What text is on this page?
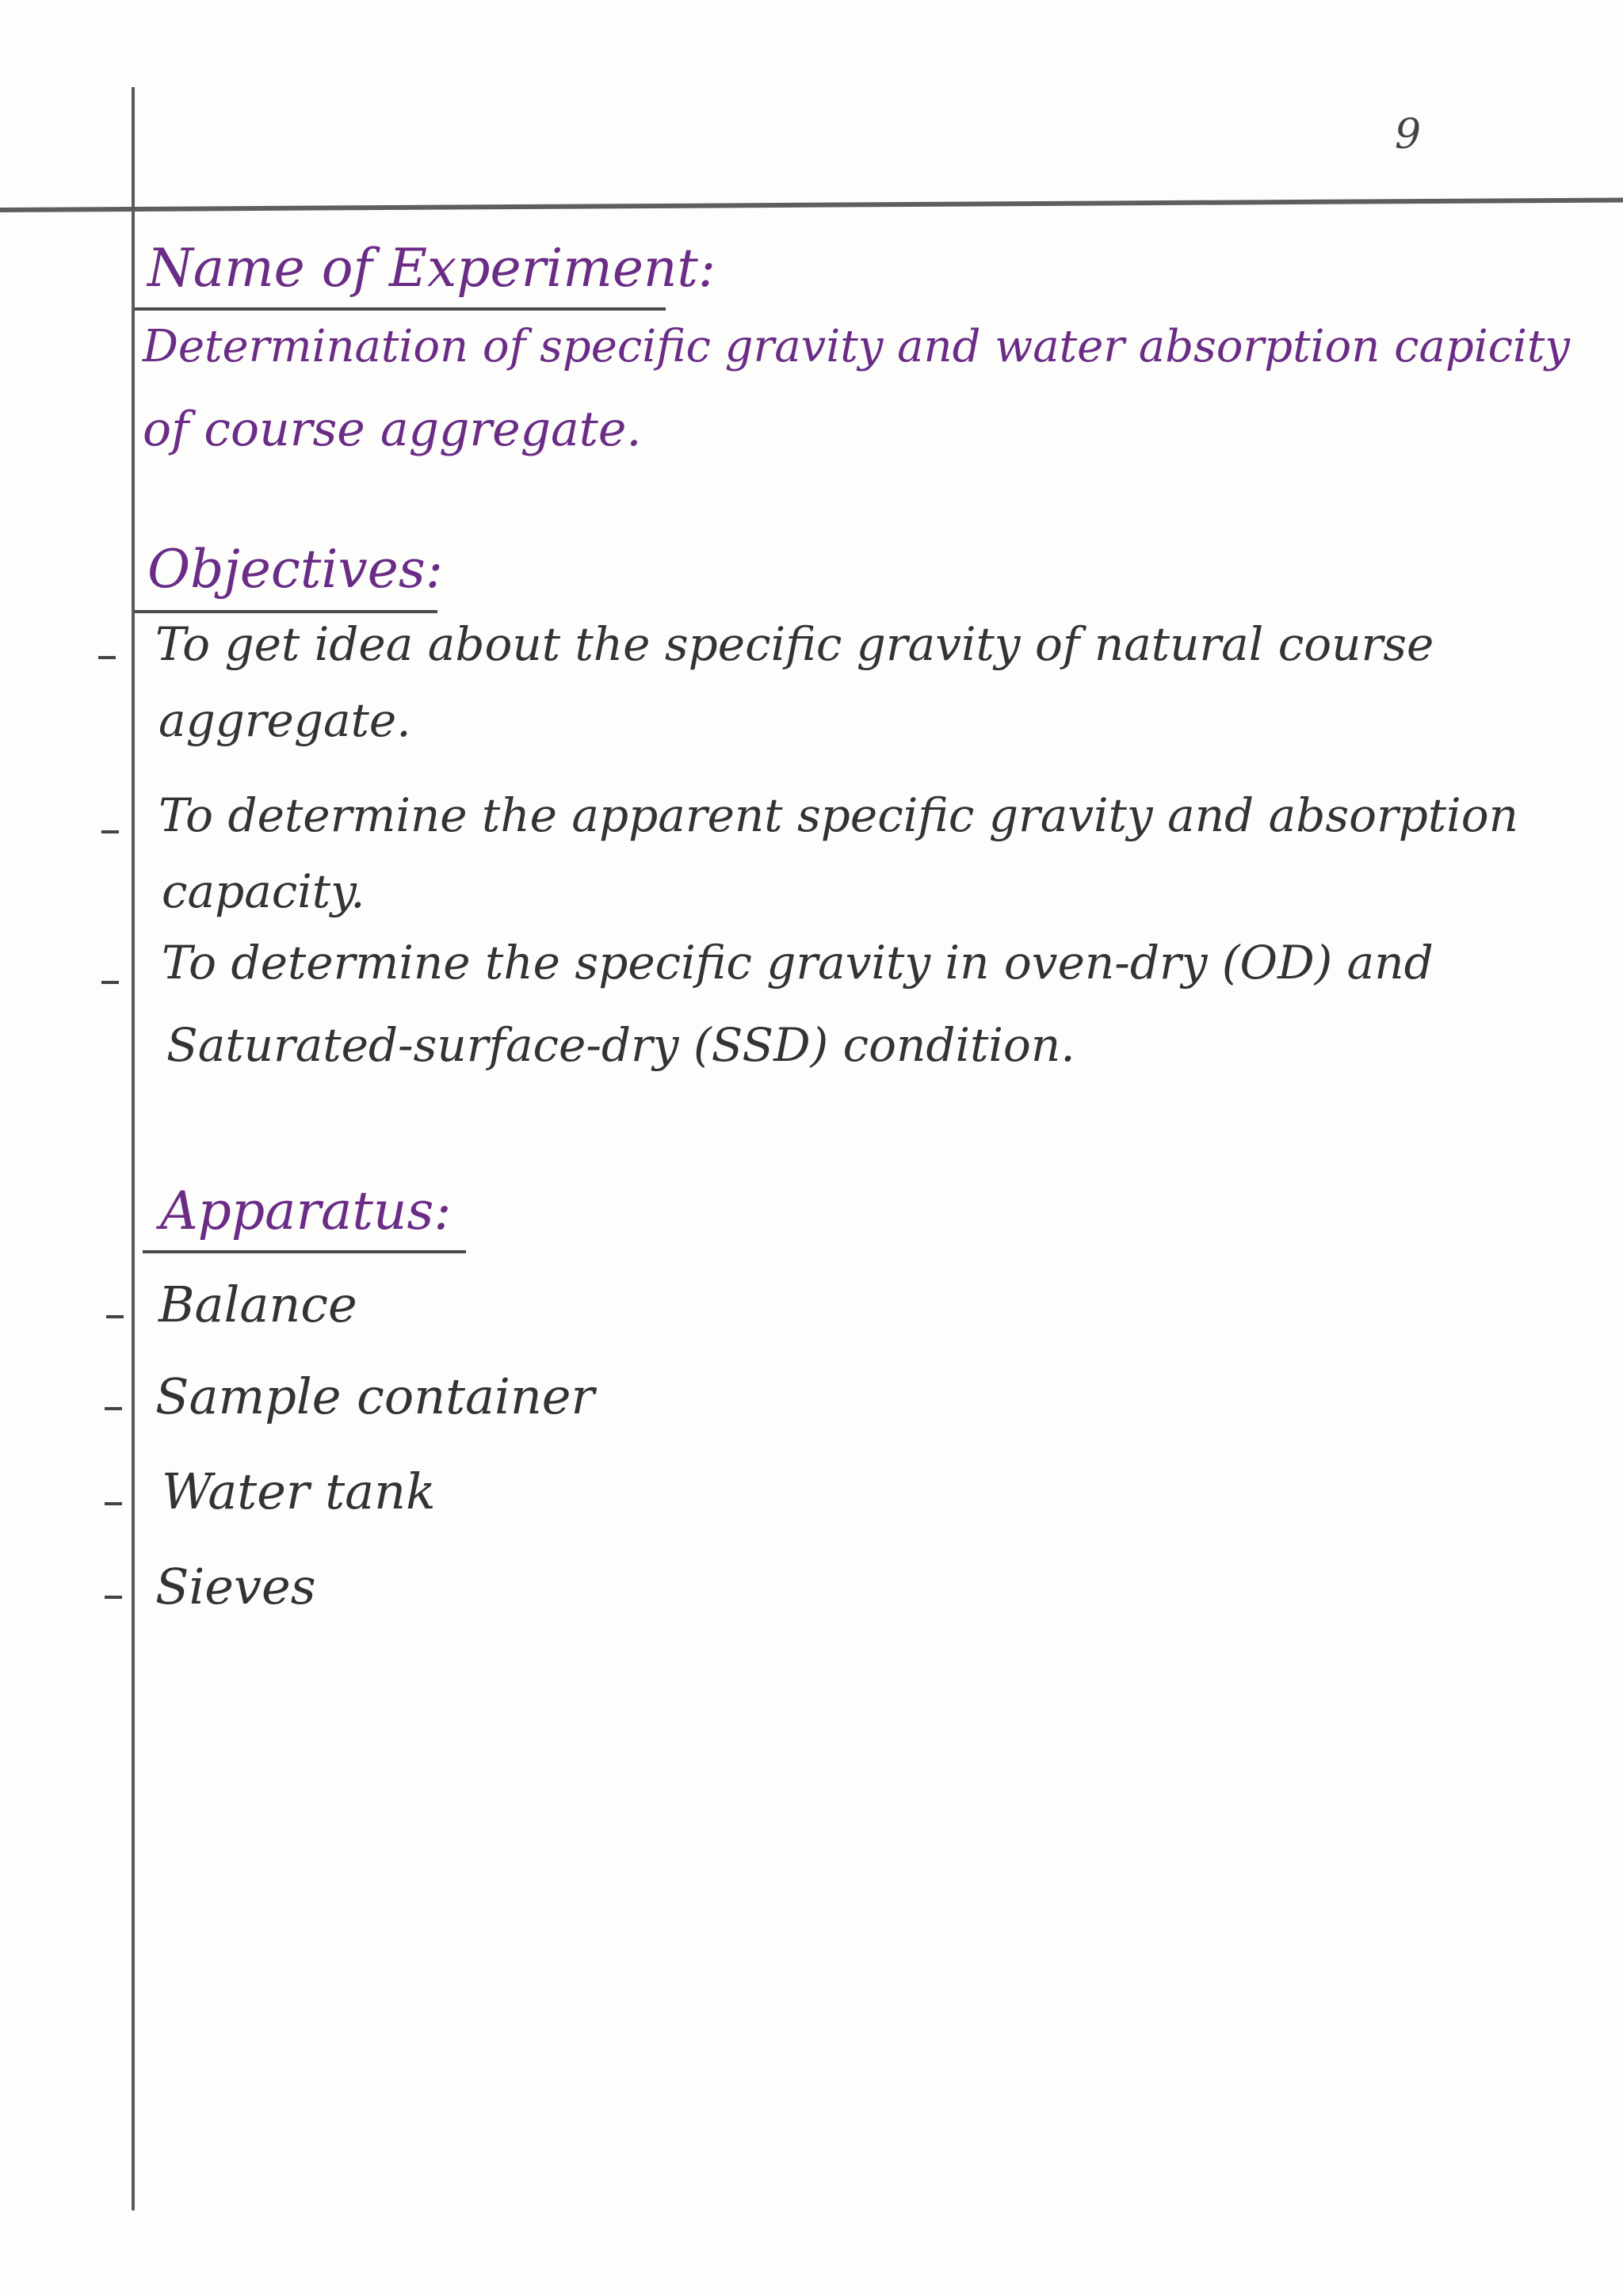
9
Name of Experiment:
Determination of specific gravity and water absorption capicity
of course aggregate.
Objectives:
To get idea about the specific gravity of natural course
aggregate.
To determine the apparent specific gravity and absorption
capacity.
To determine the specific gravity in oven-dry (OD) and
Saturated-surface-dry (SSD) condition.
Apparatus:
Balance
Sample container
Water tank
Sieves
